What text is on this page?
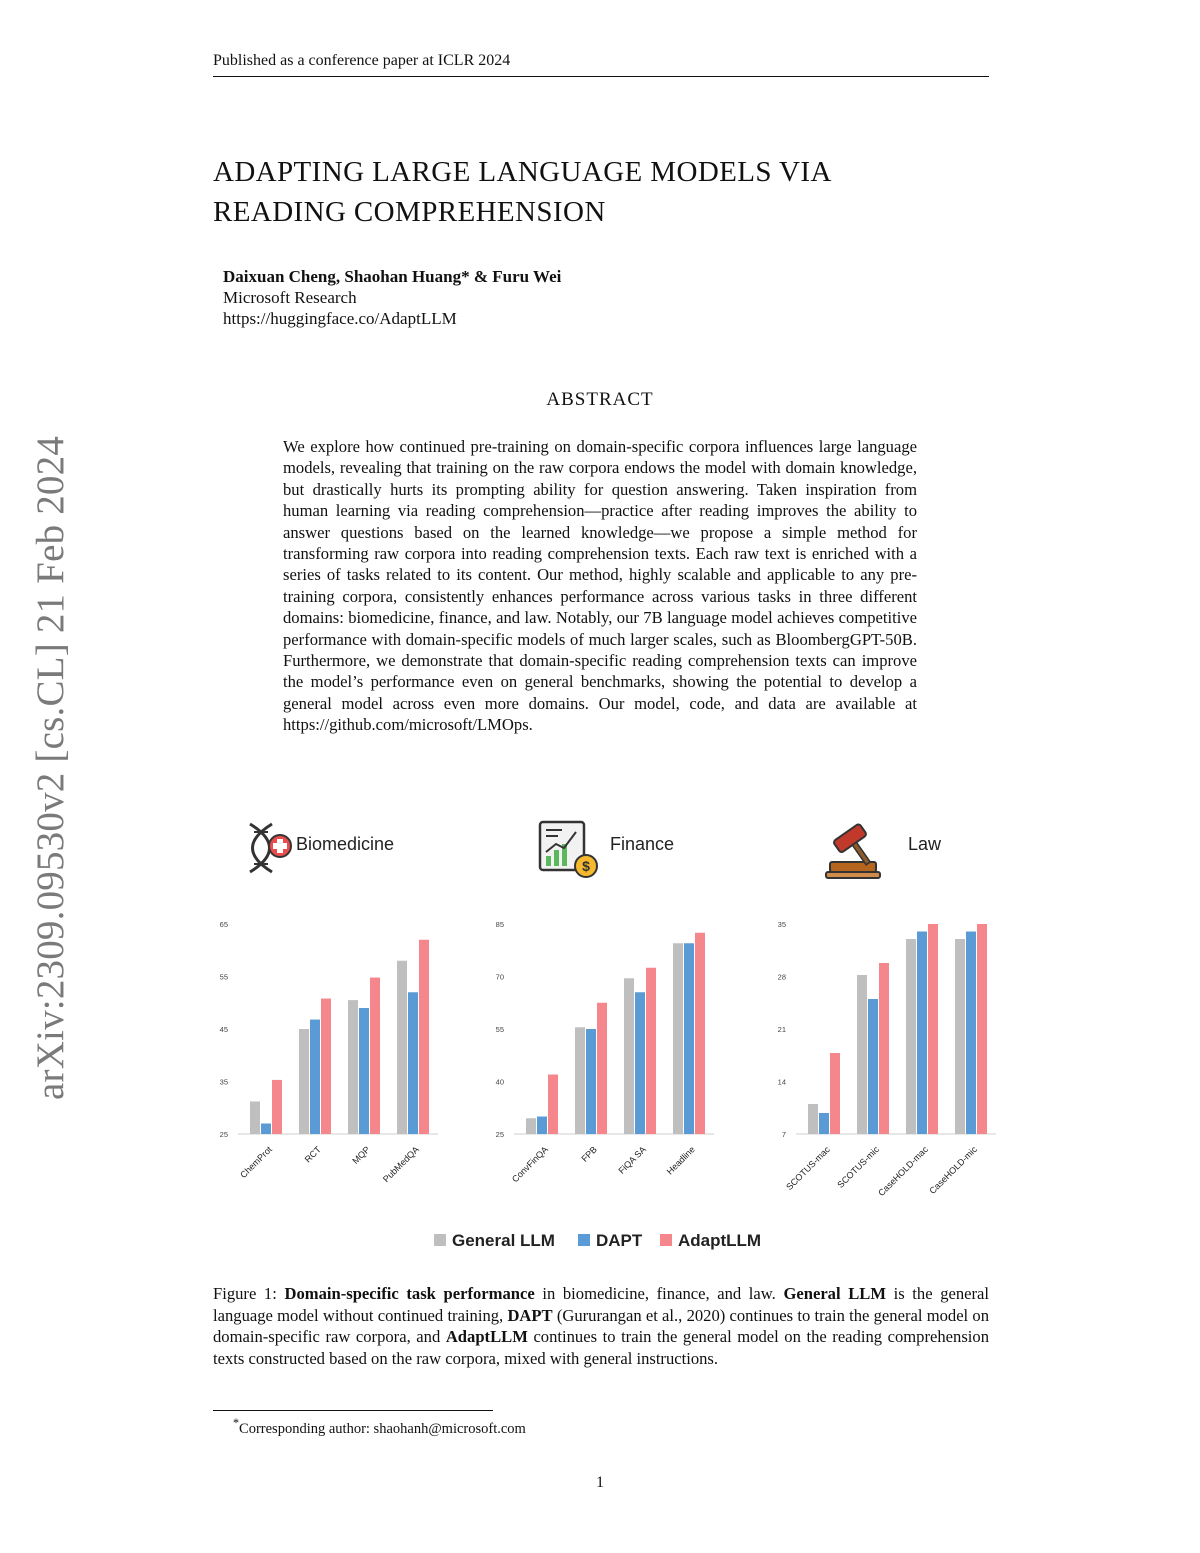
Published as a conference paper at ICLR 2024
arXiv:2309.09530v2 [cs.CL] 21 Feb 2024
ADAPTING LARGE LANGUAGE MODELS VIA
READING COMPREHENSION
Daixuan Cheng, Shaohan Huang* & Furu Wei
Microsoft Research
https://huggingface.co/AdaptLLM
ABSTRACT
We explore how continued pre-training on domain-specific corpora influences large language models, revealing that training on the raw corpora endows the model with domain knowledge, but drastically hurts its prompting ability for question answering. Taken inspiration from human learning via reading comprehension—practice after reading improves the ability to answer questions based on the learned knowledge—we propose a simple method for transforming raw corpora into reading comprehension texts. Each raw text is enriched with a series of tasks related to its content. Our method, highly scalable and applicable to any pre-training corpora, consistently enhances performance across various tasks in three different domains: biomedicine, finance, and law. Notably, our 7B language model achieves competitive performance with domain-specific models of much larger scales, such as BloombergGPT-50B. Furthermore, we demonstrate that domain-specific reading comprehension texts can improve the model’s performance even on general benchmarks, showing the potential to develop a general model across even more domains. Our model, code, and data are available at https://github.com/microsoft/LMOps.
$
Biomedicine
25
35
45
55
65
ChemProt	RCT	MQP PubMedQA
Finance
25
40
55
70
85
ConvFinQA	FPB FiQA SA Headline
Law
7
14
21
28
35
SCOTUS-mac SCOTUS-mic
CaseHOLD-mac
CaseHOLD-mic
General LLM DAPT AdaptLLM
Figure 1: Domain-specific task performance in biomedicine, finance, and law. General LLM is the general language model without continued training, DAPT (Gururangan et al., 2020) continues to train the general model on domain-specific raw corpora, and AdaptLLM continues to train the general model on the reading comprehension texts constructed based on the raw corpora, mixed with general instructions.
*Corresponding author: shaohanh@microsoft.com
1
